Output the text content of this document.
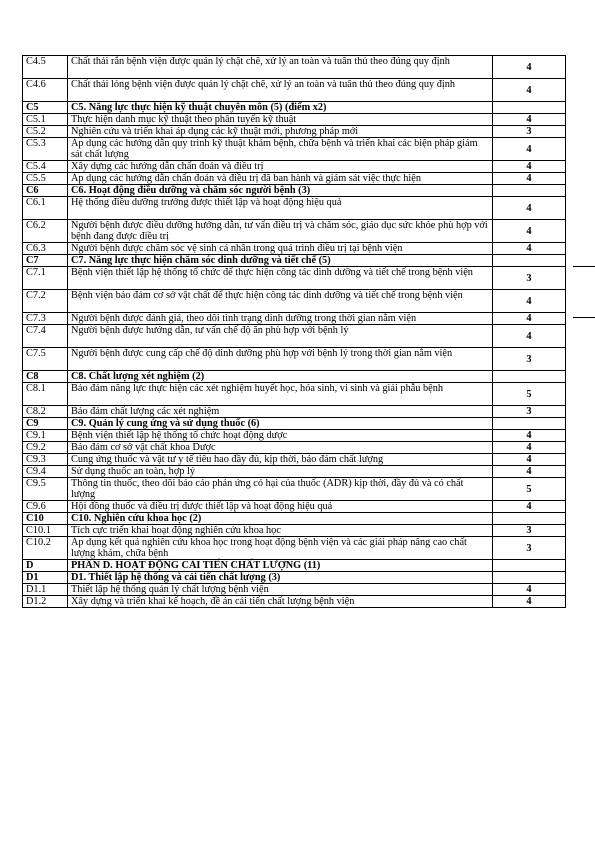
C4.5	Chất thải rắn bệnh viện được quản lý chặt chẽ, xử lý an toàn và tuân thủ theo đúng quy định	4
C4.6	Chất thải lỏng bệnh viện được quản lý chặt chẽ, xử lý an toàn và tuân thủ theo đúng quy định	4
C5	C5. Năng lực thực hiện kỹ thuật chuyên môn (5) (điểm x2)	
C5.1	Thực hiện danh mục kỹ thuật theo phân tuyến kỹ thuật	4
C5.2	Nghiên cứu và triển khai áp dụng các kỹ thuật mới, phương pháp mới	3
C5.3	Áp dụng các hướng dẫn quy trình kỹ thuật khám bệnh, chữa bệnh và triển khai các biện pháp giám sát chất lượng	4
C5.4	Xây dựng các hướng dẫn chẩn đoán và điều trị	4
C5.5	Áp dụng các hướng dẫn chẩn đoán và điều trị đã ban hành và giám sát việc thực hiện	4
C6	C6. Hoạt động điều dưỡng và chăm sóc người bệnh (3)	
C6.1	Hệ thống điều dưỡng trưởng được thiết lập và hoạt động hiệu quả	4
C6.2	Người bệnh được điều dưỡng hướng dẫn, tư vấn điều trị và chăm sóc, giáo dục sức khỏe phù hợp với bệnh đang được điều trị	4
C6.3	Người bệnh được chăm sóc vệ sinh cá nhân trong quá trình điều trị tại bệnh viện	4
C7	C7. Năng lực thực hiện chăm sóc dinh dưỡng và tiết chế (5)	
C7.1	Bệnh viện thiết lập hệ thống tổ chức để thực hiện công tác dinh dưỡng và tiết chế trong bệnh viện	3
C7.2	Bệnh viện bảo đảm cơ sở vật chất để thực hiện công tác dinh dưỡng và tiết chế trong bệnh viện	4
C7.3	Người bệnh được đánh giá, theo dõi tình trạng dinh dưỡng trong thời gian nằm viện	4
C7.4	Người bệnh được hướng dẫn, tư vấn chế độ ăn phù hợp với bệnh lý	4
C7.5	Người bệnh được cung cấp chế độ dinh dưỡng phù hợp với bệnh lý trong thời gian nằm viện	3
C8	C8. Chất lượng xét nghiệm (2)	
C8.1	Bảo đảm năng lực thực hiện các xét nghiệm huyết học, hóa sinh, vi sinh và giải phẫu bệnh	5
C8.2	Bảo đảm chất lượng các xét nghiệm	3
C9	C9. Quản lý cung ứng và sử dụng thuốc (6)	
C9.1	Bệnh viện thiết lập hệ thống tổ chức hoạt động dược	4
C9.2	Bảo đảm cơ sở vật chất khoa Dược	4
C9.3	Cung ứng thuốc và vật tư y tế tiêu hao đầy đủ, kịp thời, bảo đảm chất lượng	4
C9.4	Sử dụng thuốc an toàn, hợp lý	4
C9.5	Thông tin thuốc, theo dõi báo cáo phản ứng có hại của thuốc (ADR) kịp thời, đầy đủ và có chất lượng	5
C9.6	Hội đồng thuốc và điều trị được thiết lập và hoạt động hiệu quả	4
C10	C10. Nghiên cứu khoa học (2)	
C10.1	Tích cực triển khai hoạt động nghiên cứu khoa học	3
C10.2	Áp dụng kết quả nghiên cứu khoa học trong hoạt động bệnh viện và các giải pháp nâng cao chất lượng khám, chữa bệnh	3
D	PHẦN D. HOẠT ĐỘNG CẢI TIẾN CHẤT LƯỢNG (11)	
D1	D1. Thiết lập hệ thống và cải tiến chất lượng (3)	
D1.1	Thiết lập hệ thống quản lý chất lượng bệnh viện	4
D1.2	Xây dựng và triển khai kế hoạch, đề án cải tiến chất lượng bệnh viện	4
